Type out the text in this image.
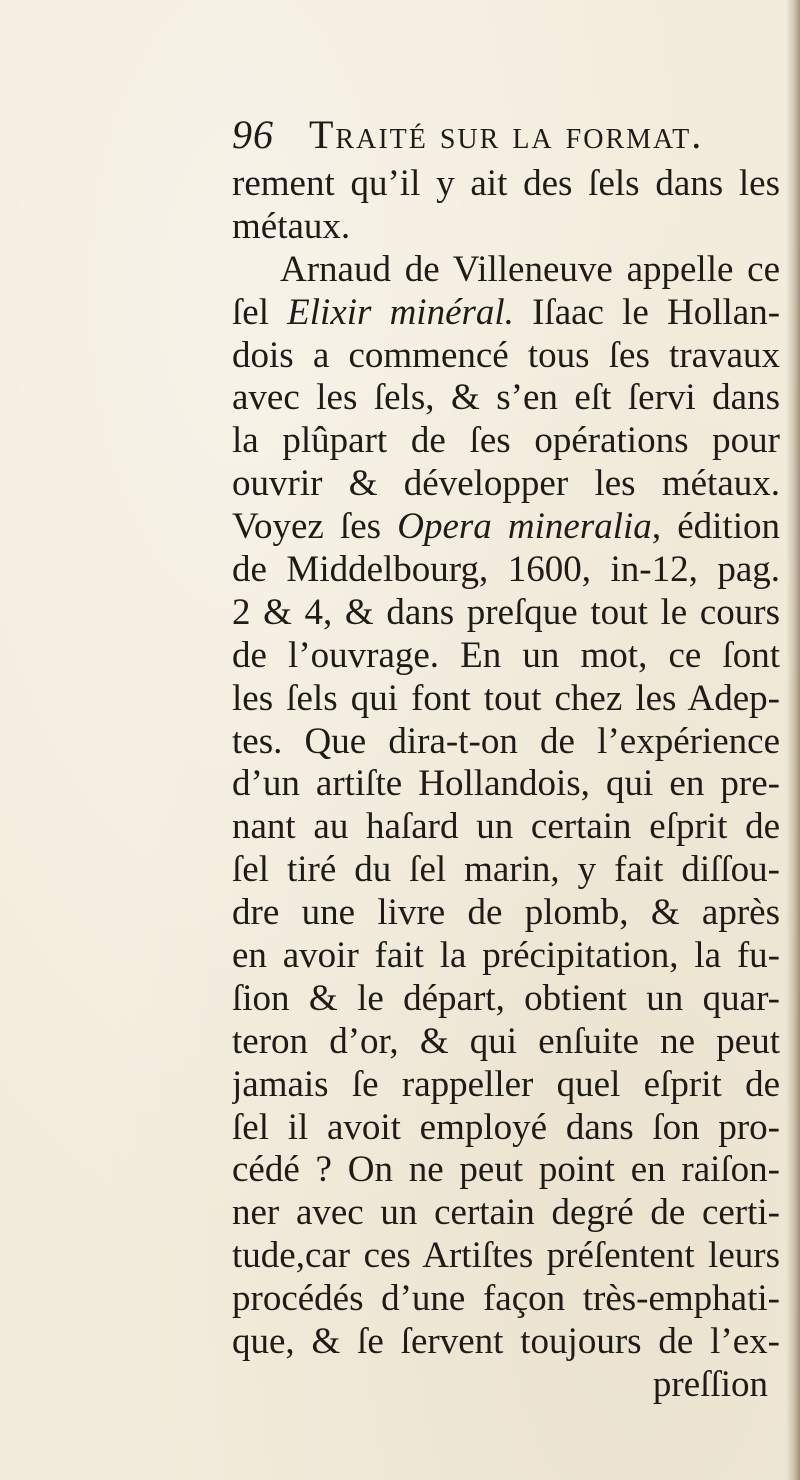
96 Traité sur la format.
rement qu’il y ait des ſels dans les
métaux.
Arnaud de Villeneuve appelle ce
ſel Elixir minéral. Iſaac le Hollan-
dois a commencé tous ſes travaux
avec les ſels, & s’en eſt ſervi dans
la plûpart de ſes opérations pour
ouvrir & développer les métaux.
Voyez ſes Opera mineralia, édition
de Middelbourg, 1600, in-12, pag.
2 & 4, & dans preſque tout le cours
de l’ouvrage. En un mot, ce ſont
les ſels qui font tout chez les Adep-
tes. Que dira-t-on de l’expérience
d’un artiſte Hollandois, qui en pre-
nant au haſard un certain eſprit de
ſel tiré du ſel marin, y fait diſſou-
dre une livre de plomb, & après
en avoir fait la précipitation, la fu-
ſion & le départ, obtient un quar-
teron d’or, & qui enſuite ne peut
jamais ſe rappeller quel eſprit de
ſel il avoit employé dans ſon pro-
cédé ? On ne peut point en raiſon-
ner avec un certain degré de certi-
tude,car ces Artiſtes préſentent leurs
procédés d’une façon très-emphati-
que, & ſe ſervent toujours de l’ex-
preſſion
